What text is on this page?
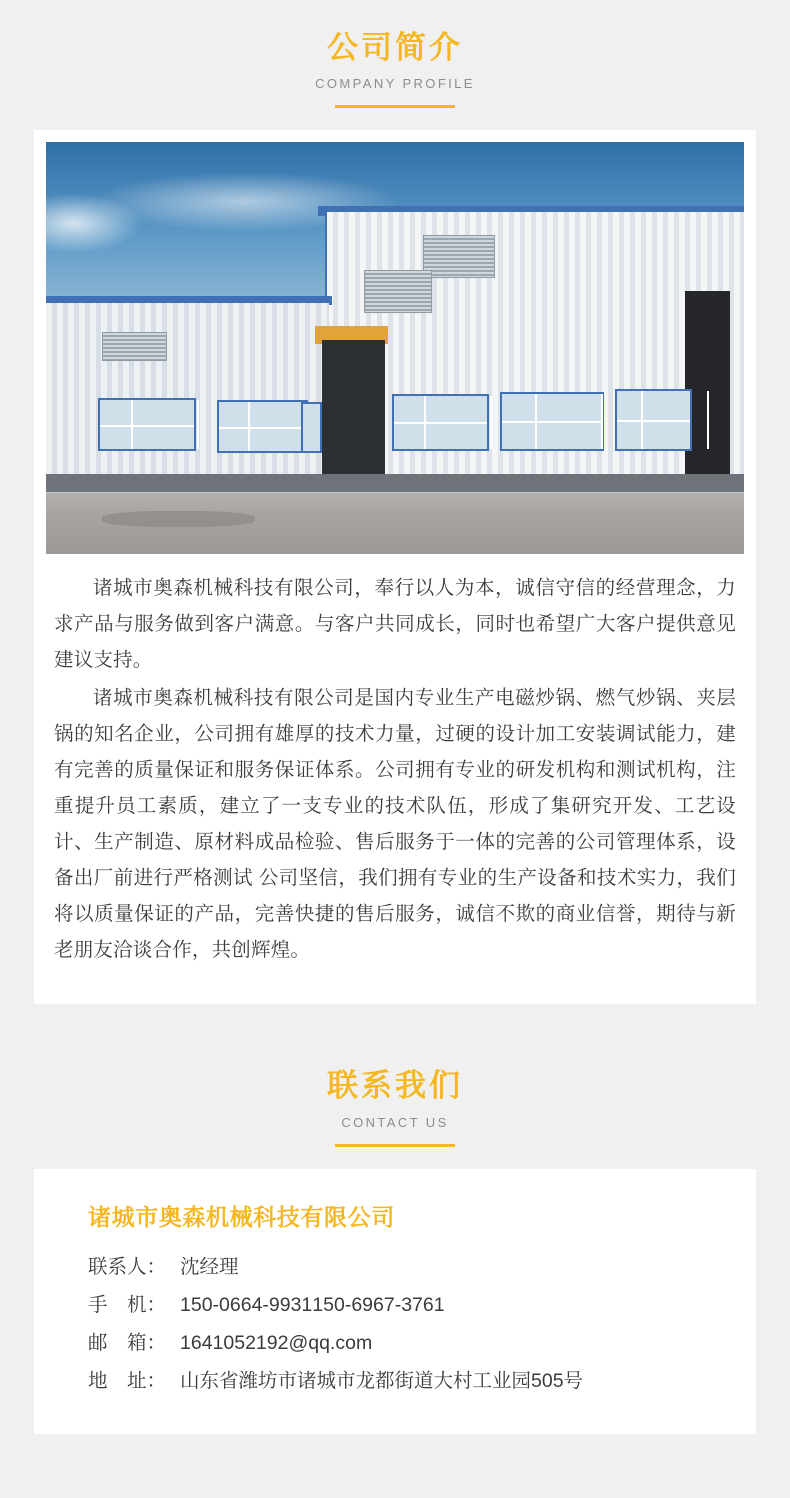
公司简介
COMPANY PROFILE

诸城市奥森机械科技有限公司，奉行以人为本，诚信守信的经营理念，力求产品与服务做到客户满意。与客户共同成长，同时也希望广大客户提供意见建议支持。

诸城市奥森机械科技有限公司是国内专业生产电磁炒锅、燃气炒锅、夹层锅的知名企业，公司拥有雄厚的技术力量，过硬的设计加工安装调试能力，建有完善的质量保证和服务保证体系。公司拥有专业的研发机构和测试机构，注重提升员工素质，建立了一支专业的技术队伍，形成了集研究开发、工艺设计、生产制造、原材料成品检验、售后服务于一体的完善的公司管理体系，设备出厂前进行严格测试 公司坚信，我们拥有专业的生产设备和技术实力，我们将以质量保证的产品，完善快捷的售后服务，诚信不欺的商业信誉，期待与新老朋友洽谈合作，共创辉煌。

联系我们
CONTACT US
诸城市奥森机械科技有限公司
联系人： 沈经理
手　机： 150-0664-9931 150-6967-3761
邮　箱： 1641052192@qq.com
地　址： 山东省潍坊市诸城市龙都街道大村工业园505号
